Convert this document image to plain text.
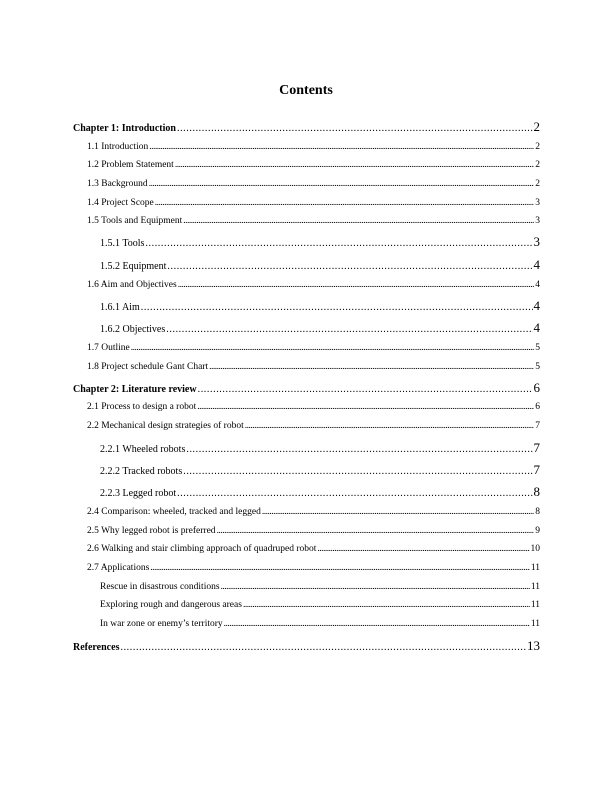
Contents
Chapter 1: Introduction .....	2
1.1 Introduction .....	2
1.2 Problem Statement .....	2
1.3 Background .....	2
1.4 Project Scope .....	3
1.5 Tools and Equipment .....	3
1.5.1 Tools .....	3
1.5.2 Equipment .....	4
1.6 Aim and Objectives .....	4
1.6.1 Aim .....	4
1.6.2 Objectives .....	4
1.7 Outline .....	5
1.8 Project schedule Gant Chart .....	5
Chapter 2: Literature review .....	6
2.1 Process to design a robot .....	6
2.2 Mechanical design strategies of robot .....	7
2.2.1 Wheeled robots .....	7
2.2.2 Tracked robots .....	7
2.2.3 Legged robot .....	8
2.4 Comparison: wheeled, tracked and legged .....	8
2.5 Why legged robot is preferred .....	9
2.6 Walking and stair climbing approach of quadruped robot .....	10
2.7 Applications .....	11
Rescue in disastrous conditions .....	11
Exploring rough and dangerous areas .....	11
In war zone or enemy’s territory .....	11
References .....	13
